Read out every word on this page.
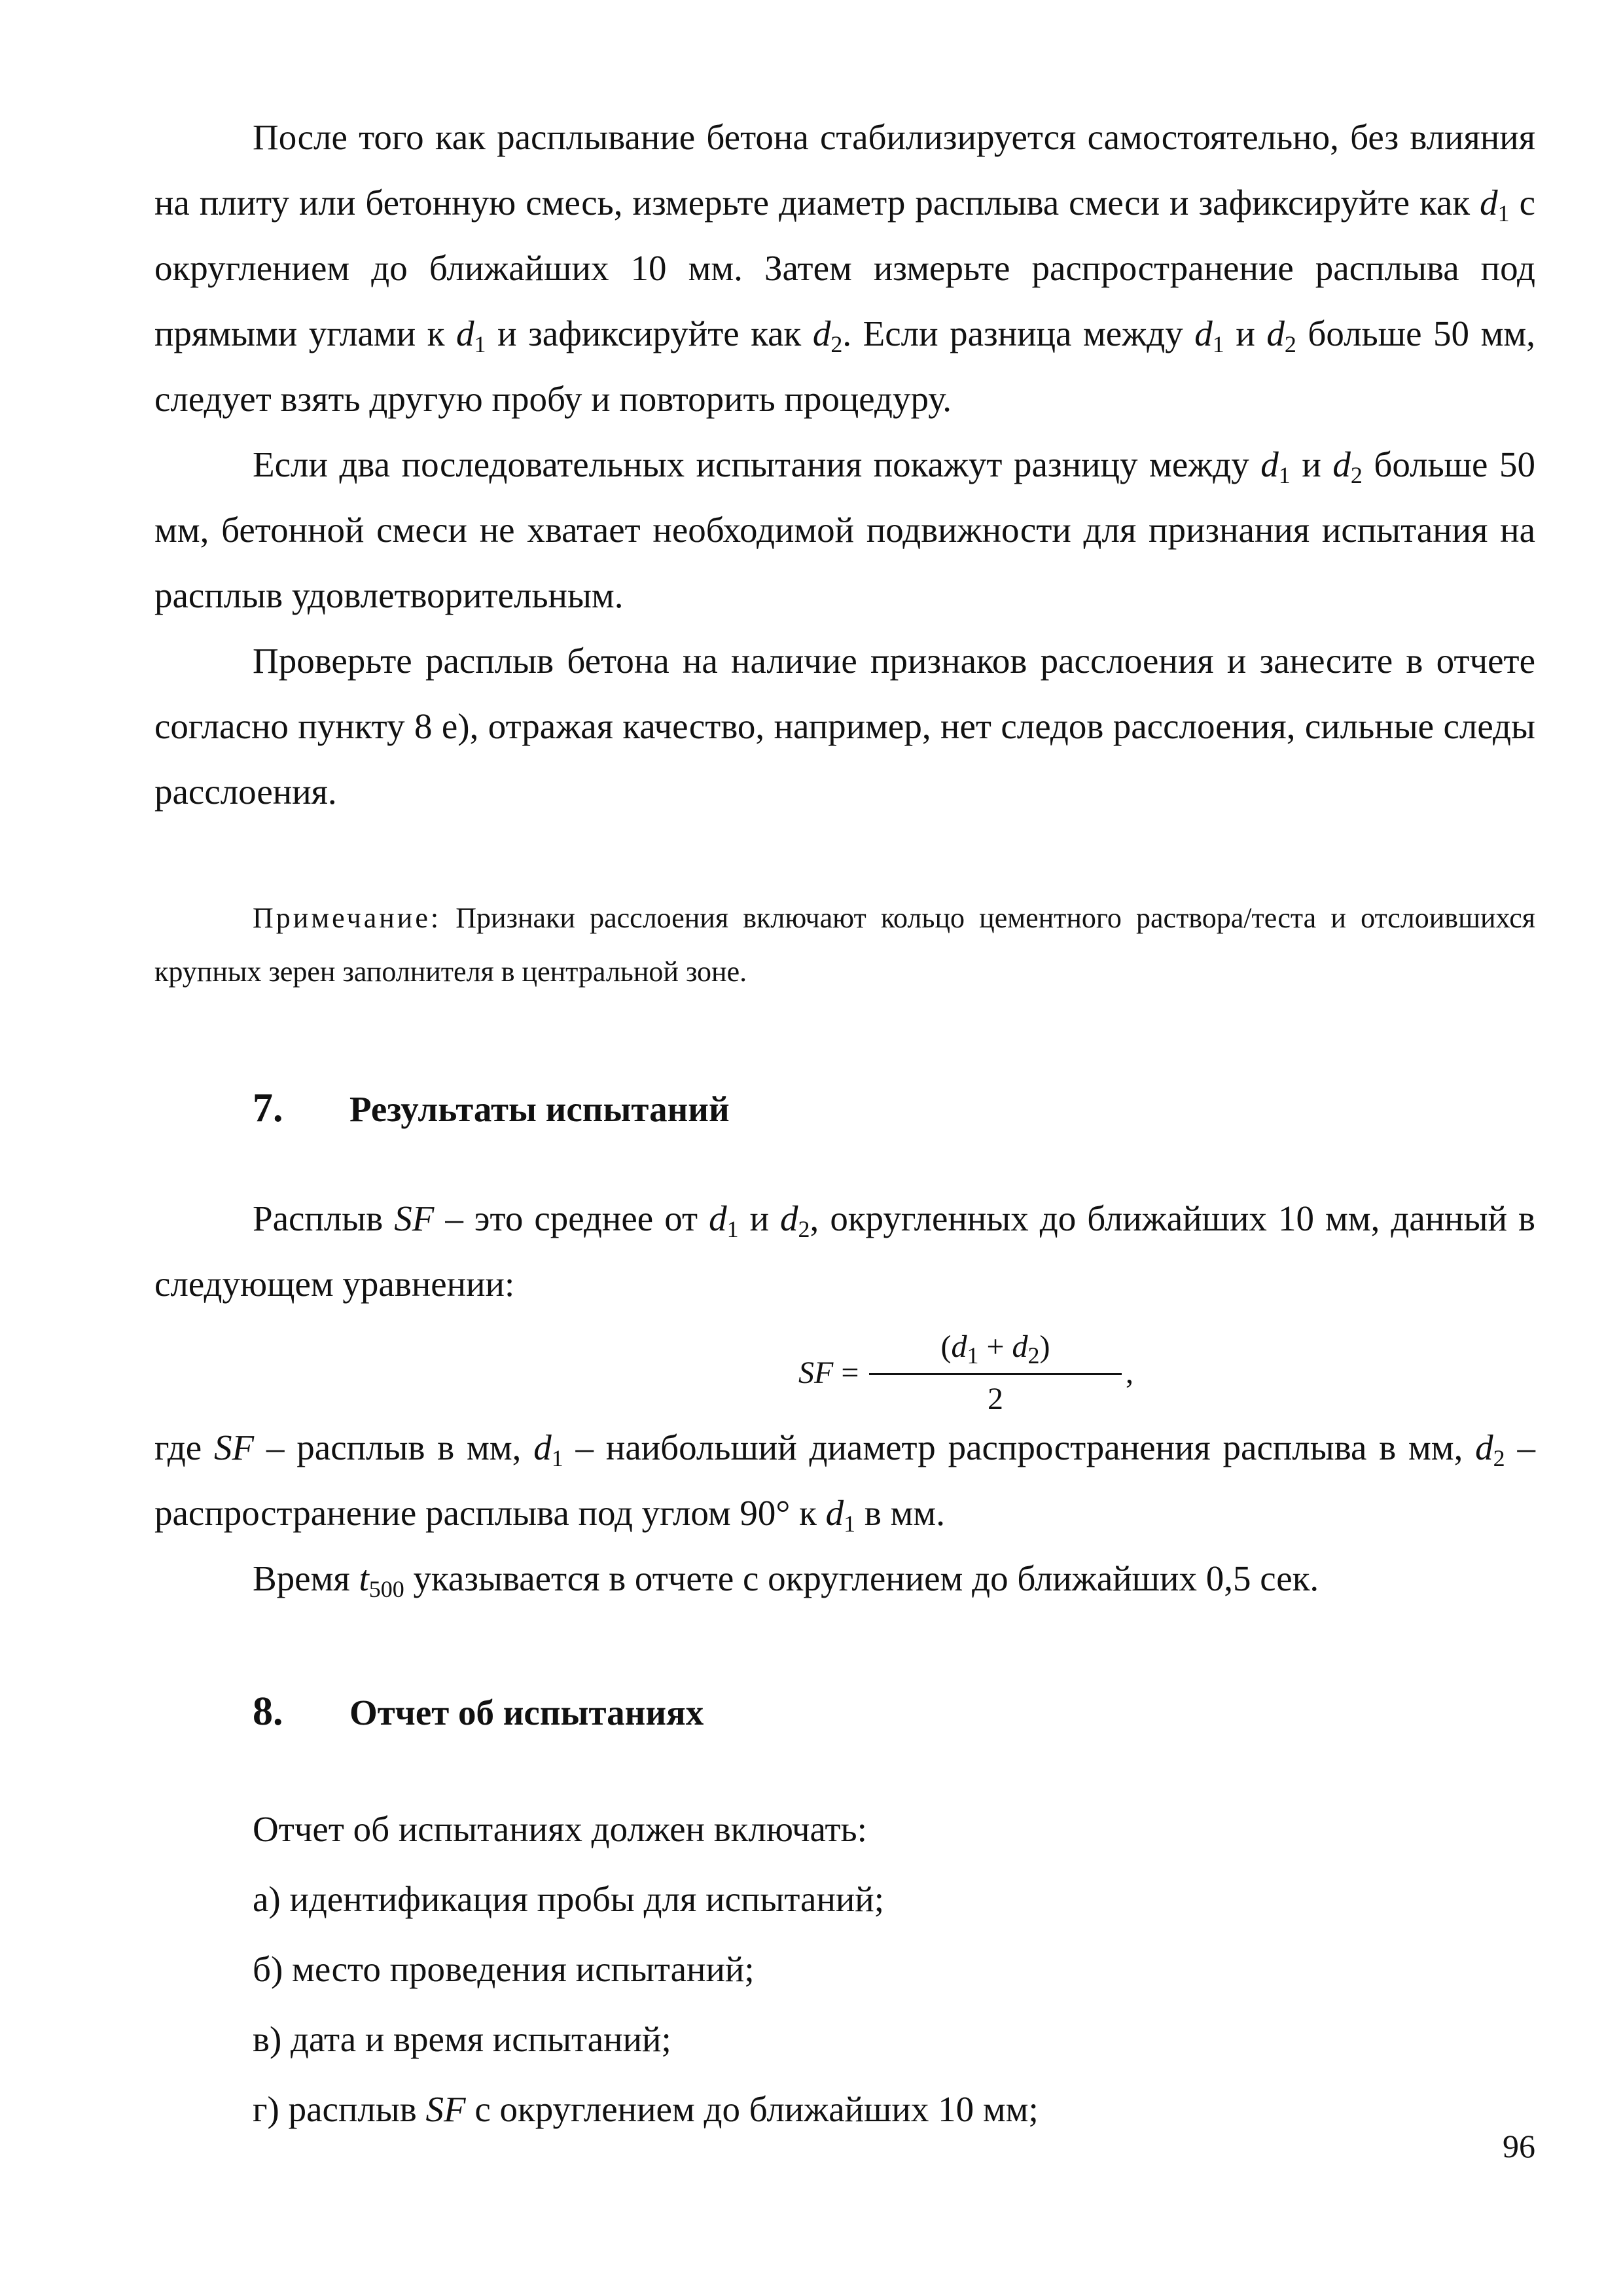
После того как расплывание бетона стабилизируется самостоятельно, без влияния на плиту или бетонную смесь, измерьте диаметр расплыва смеси и зафиксируйте как $d_1$ с округлением до ближайших 10 мм. Затем измерьте распространение расплыва под прямыми углами к $d_1$ и зафиксируйте как $d_2$. Если разница между $d_1$ и $d_2$ больше 50 мм, следует взять другую пробу и повторить процедуру.

Если два последовательных испытания покажут разницу между $d_1$ и $d_2$ больше 50 мм, бетонной смеси не хватает необходимой подвижности для признания испытания на расплыв удовлетворительным.

Проверьте расплыв бетона на наличие признаков расслоения и занесите в отчете согласно пункту 8 е), отражая качество, например, нет следов расслоения, сильные следы расслоения.

Примечание: Признаки расслоения включают кольцо цементного раствора/теста и отслоившихся крупных зерен заполнителя в центральной зоне.

7. Результаты испытаний

Расплыв SF – это среднее от $d_1$ и $d_2$, округленных до ближайших 10 мм, данный в следующем уравнении:

SF =
$(d_1 + d_2)$
2
,

где SF – расплыв в мм, $d_1$ – наибольший диаметр распространения расплыва в мм, $d_2$ – распространение расплыва под углом 90° к $d_1$ в мм.

Время $t_{500}$ указывается в отчете с округлением до ближайших 0,5 сек.

8. Отчет об испытаниях

Отчет об испытаниях должен включать:

а) идентификация пробы для испытаний;

б) место проведения испытаний;

в) дата и время испытаний;

г) расплыв SF с округлением до ближайших 10 мм;

96
